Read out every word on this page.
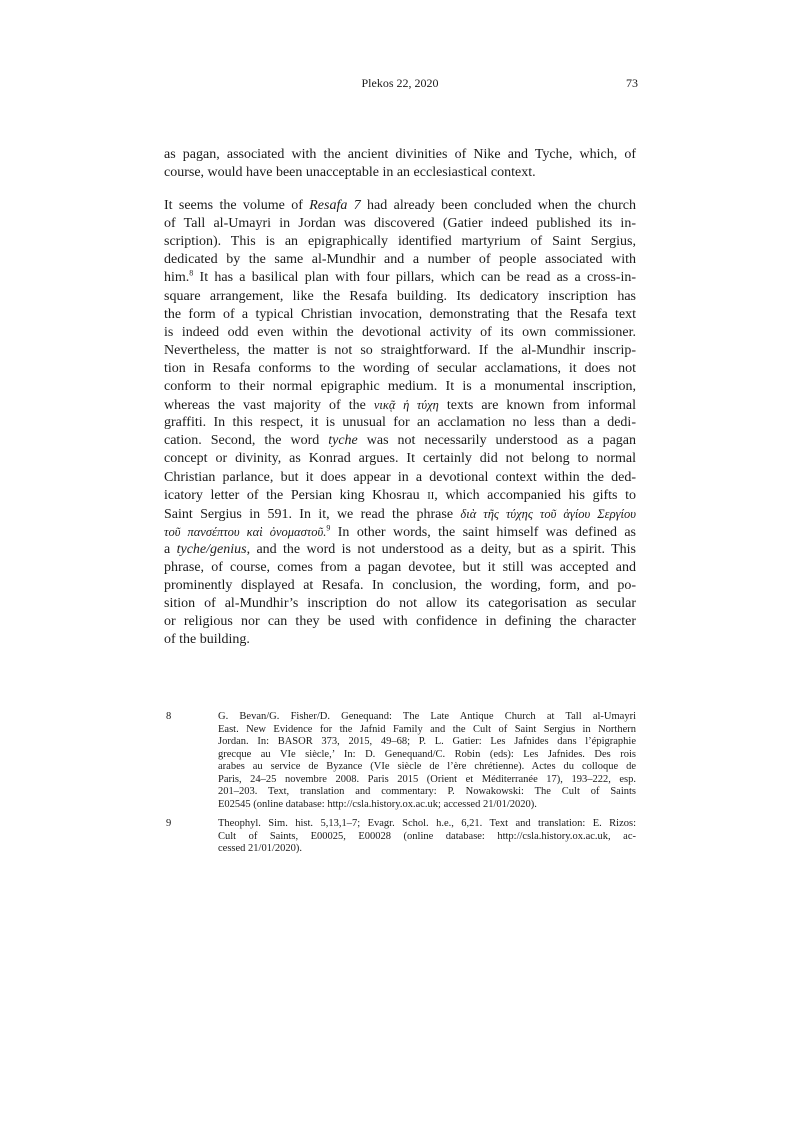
Plekos 22, 2020	73
as pagan, associated with the ancient divinities of Nike and Tyche, which, of
course, would have been unacceptable in an ecclesiastical context.
It seems the volume of Resafa 7 had already been concluded when the church
of Tall al-Umayri in Jordan was discovered (Gatier indeed published its in-
scription). This is an epigraphically identified martyrium of Saint Sergius,
dedicated by the same al-Mundhir and a number of people associated with
him.$^8$ It has a basilical plan with four pillars, which can be read as a cross-in-
square arrangement, like the Resafa building. Its dedicatory inscription has
the form of a typical Christian invocation, demonstrating that the Resafa text
is indeed odd even within the devotional activity of its own commissioner.
Nevertheless, the matter is not so straightforward. If the al-Mundhir inscrip-
tion in Resafa conforms to the wording of secular acclamations, it does not
conform to their normal epigraphic medium. It is a monumental inscription,
whereas the vast majority of the νικᾷ ἡ τύχη texts are known from informal
graffiti. In this respect, it is unusual for an acclamation no less than a dedi-
cation. Second, the word tyche was not necessarily understood as a pagan
concept or divinity, as Konrad argues. It certainly did not belong to normal
Christian parlance, but it does appear in a devotional context within the ded-
icatory letter of the Persian king Khosrau II, which accompanied his gifts to
Saint Sergius in 591. In it, we read the phrase διὰ τῆς τύχης τοῦ ἁγίου Σεργίου
τοῦ πανσέπτου καὶ ὀνομαστοῦ.$^9$ In other words, the saint himself was defined as
a tyche/genius, and the word is not understood as a deity, but as a spirit. This
phrase, of course, comes from a pagan devotee, but it still was accepted and
prominently displayed at Resafa. In conclusion, the wording, form, and po-
sition of al-Mundhir’s inscription do not allow its categorisation as secular
or religious nor can they be used with confidence in defining the character
of the building.
8	G. Bevan/G. Fisher/D. Genequand: The Late Antique Church at Tall al-Umayri
East. New Evidence for the Jafnid Family and the Cult of Saint Sergius in Northern
Jordan. In: BASOR 373, 2015, 49–68; P. L. Gatier: Les Jafnides dans l’épigraphie
grecque au VIe siècle,’ In: D. Genequand/C. Robin (eds): Les Jafnides. Des rois
arabes au service de Byzance (VIe siècle de l’ère chrétienne). Actes du colloque de
Paris, 24–25 novembre 2008. Paris 2015 (Orient et Méditerranée 17), 193–222, esp.
201–203. Text, translation and commentary: P. Nowakowski: The Cult of Saints
E02545 (online database: http://csla.history.ox.ac.uk; accessed 21/01/2020).
9	Theophyl. Sim. hist. 5,13,1–7; Evagr. Schol. h.e., 6,21. Text and translation: E. Rizos:
Cult of Saints, E00025, E00028 (online database: http://csla.history.ox.ac.uk, ac-
cessed 21/01/2020).
